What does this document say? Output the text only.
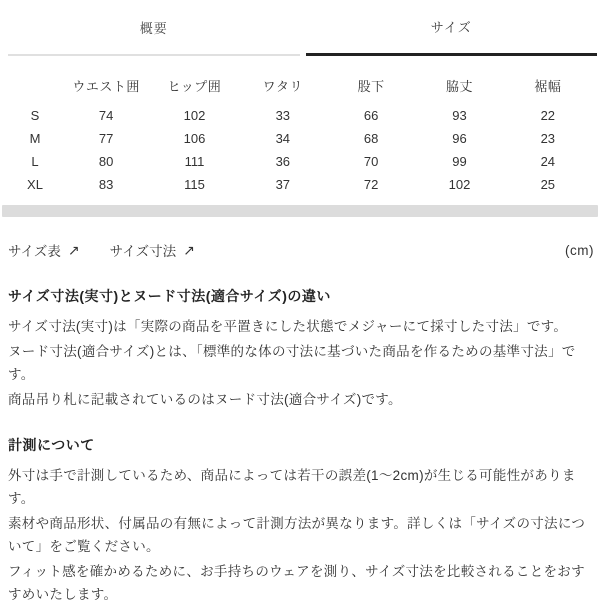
概要	サイズ
	ウエスト囲	ヒップ囲	ワタリ	股下	脇丈	裾幅
S	74	102	33	66	93	22
M	77	106	34	68	96	23
L	80	111	36	70	99	24
XL	83	115	37	72	102	25
サイズ表 ↗ サイズ寸法 ↗	(cm)
サイズ寸法(実寸)とヌード寸法(適合サイズ)の違い

サイズ寸法(実寸)は「実際の商品を平置きにした状態でメジャーにて採寸した寸法」です。

ヌード寸法(適合サイズ)とは、「標準的な体の寸法に基づいた商品を作るための基準寸法」です。

商品吊り札に記載されているのはヌード寸法(適合サイズ)です。

計測について

外寸は手で計測しているため、商品によっては若干の誤差(1〜2cm)が生じる可能性があります。

素材や商品形状、付属品の有無によって計測方法が異なります。詳しくは「サイズの寸法について」をご覧ください。

フィット感を確かめるために、お手持ちのウェアを測り、サイズ寸法を比較されることをおすすめいたします。
